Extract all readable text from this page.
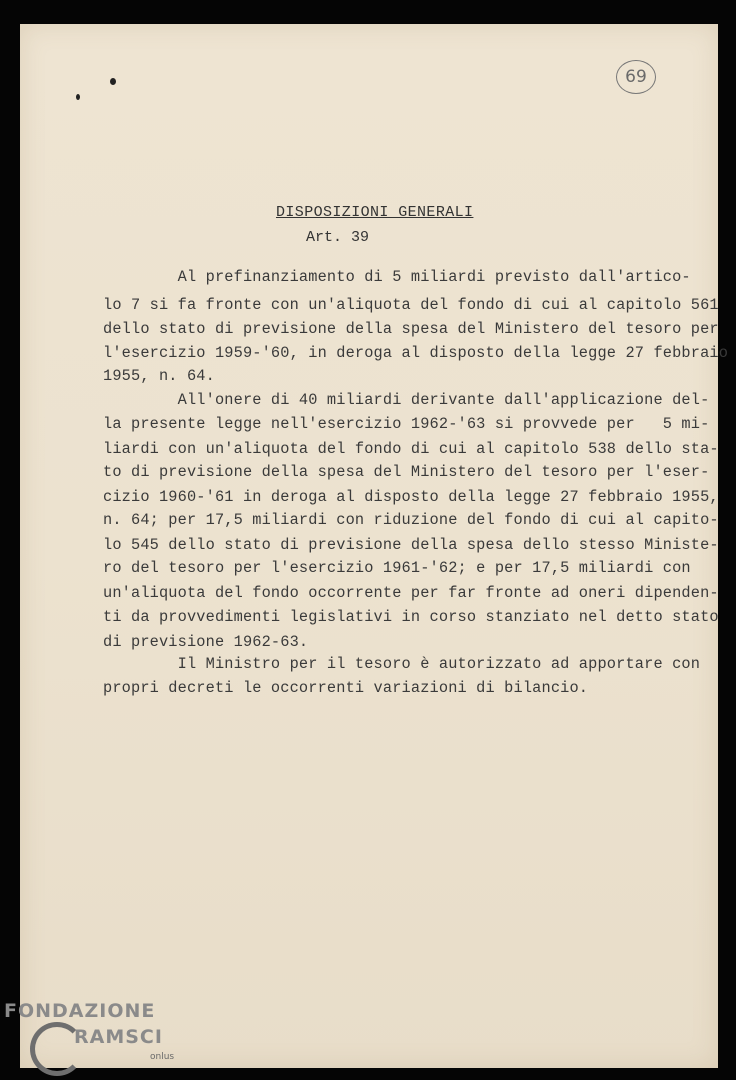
69
DISPOSIZIONI GENERALI
Art. 39
Al prefinanziamento di 5 miliardi previsto dall'artico-
lo 7 si fa fronte con un'aliquota del fondo di cui al capitolo 561
dello stato di previsione della spesa del Ministero del tesoro per
l'esercizio 1959-'60, in deroga al disposto della legge 27 febbraio
1955, n. 64.
All'onere di 40 miliardi derivante dall'applicazione del-
la presente legge nell'esercizio 1962-'63 si provvede per   5 mi-
liardi con un'aliquota del fondo di cui al capitolo 538 dello sta-
to di previsione della spesa del Ministero del tesoro per l'eser-
cizio 1960-'61 in deroga al disposto della legge 27 febbraio 1955,
n. 64; per 17,5 miliardi con riduzione del fondo di cui al capito-
lo 545 dello stato di previsione della spesa dello stesso Ministe-
ro del tesoro per l'esercizio 1961-'62; e per 17,5 miliardi con
un'aliquota del fondo occorrente per far fronte ad oneri dipenden-
ti da provvedimenti legislativi in corso stanziato nel detto stato
di previsione 1962-63.
Il Ministro per il tesoro è autorizzato ad apportare con
propri decreti le occorrenti variazioni di bilancio.
FONDAZIONE
RAMSCI
onlus
